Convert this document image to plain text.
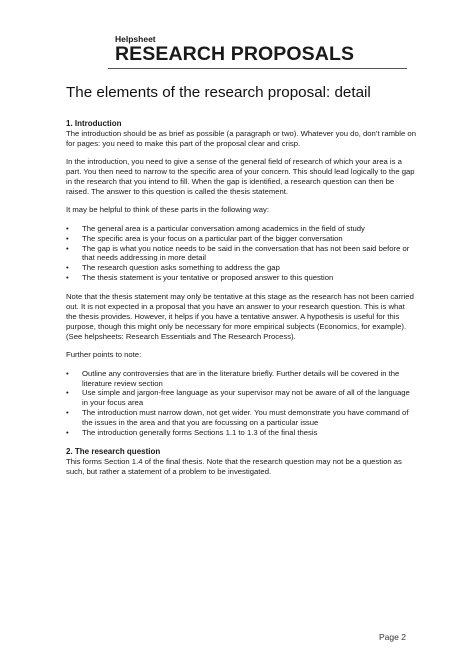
Helpsheet
RESEARCH PROPOSALS
The elements of the research proposal: detail
1. Introduction

The introduction should be as brief as possible (a paragraph or two). Whatever you do, don’t ramble on for pages: you need to make this part of the proposal clear and crisp.

In the introduction, you need to give a sense of the general field of research of which your area is a part. You then need to narrow to the specific area of your concern. This should lead logically to the gap in the research that you intend to fill. When the gap is identified, a research question can then be raised. The answer to this question is called the thesis statement.

It may be helpful to think of these parts in the following way:

• The general area is a particular conversation among academics in the field of study
• The specific area is your focus on a particular part of the bigger conversation
• The gap is what you notice needs to be said in the conversation that has not been said before or that needs addressing in more detail
• The research question asks something to address the gap
• The thesis statement is your tentative or proposed answer to this question

Note that the thesis statement may only be tentative at this stage as the research has not been carried out. It is not expected in a proposal that you have an answer to your research question. This is what the thesis provides. However, it helps if you have a tentative answer. A hypothesis is useful for this purpose, though this might only be necessary for more empirical subjects (Economics, for example). (See helpsheets: Research Essentials and The Research Process).

Further points to note:

• Outline any controversies that are in the literature briefly. Further details will be covered in the literature review section
• Use simple and jargon-free language as your supervisor may not be aware of all of the language in your focus area
• The introduction must narrow down, not get wider. You must demonstrate you have command of the issues in the area and that you are focussing on a particular issue
• The introduction generally forms Sections 1.1 to 1.3 of the final thesis
2. The research question

This forms Section 1.4 of the final thesis. Note that the research question may not be a question as such, but rather a statement of a problem to be investigated.

Page 2
